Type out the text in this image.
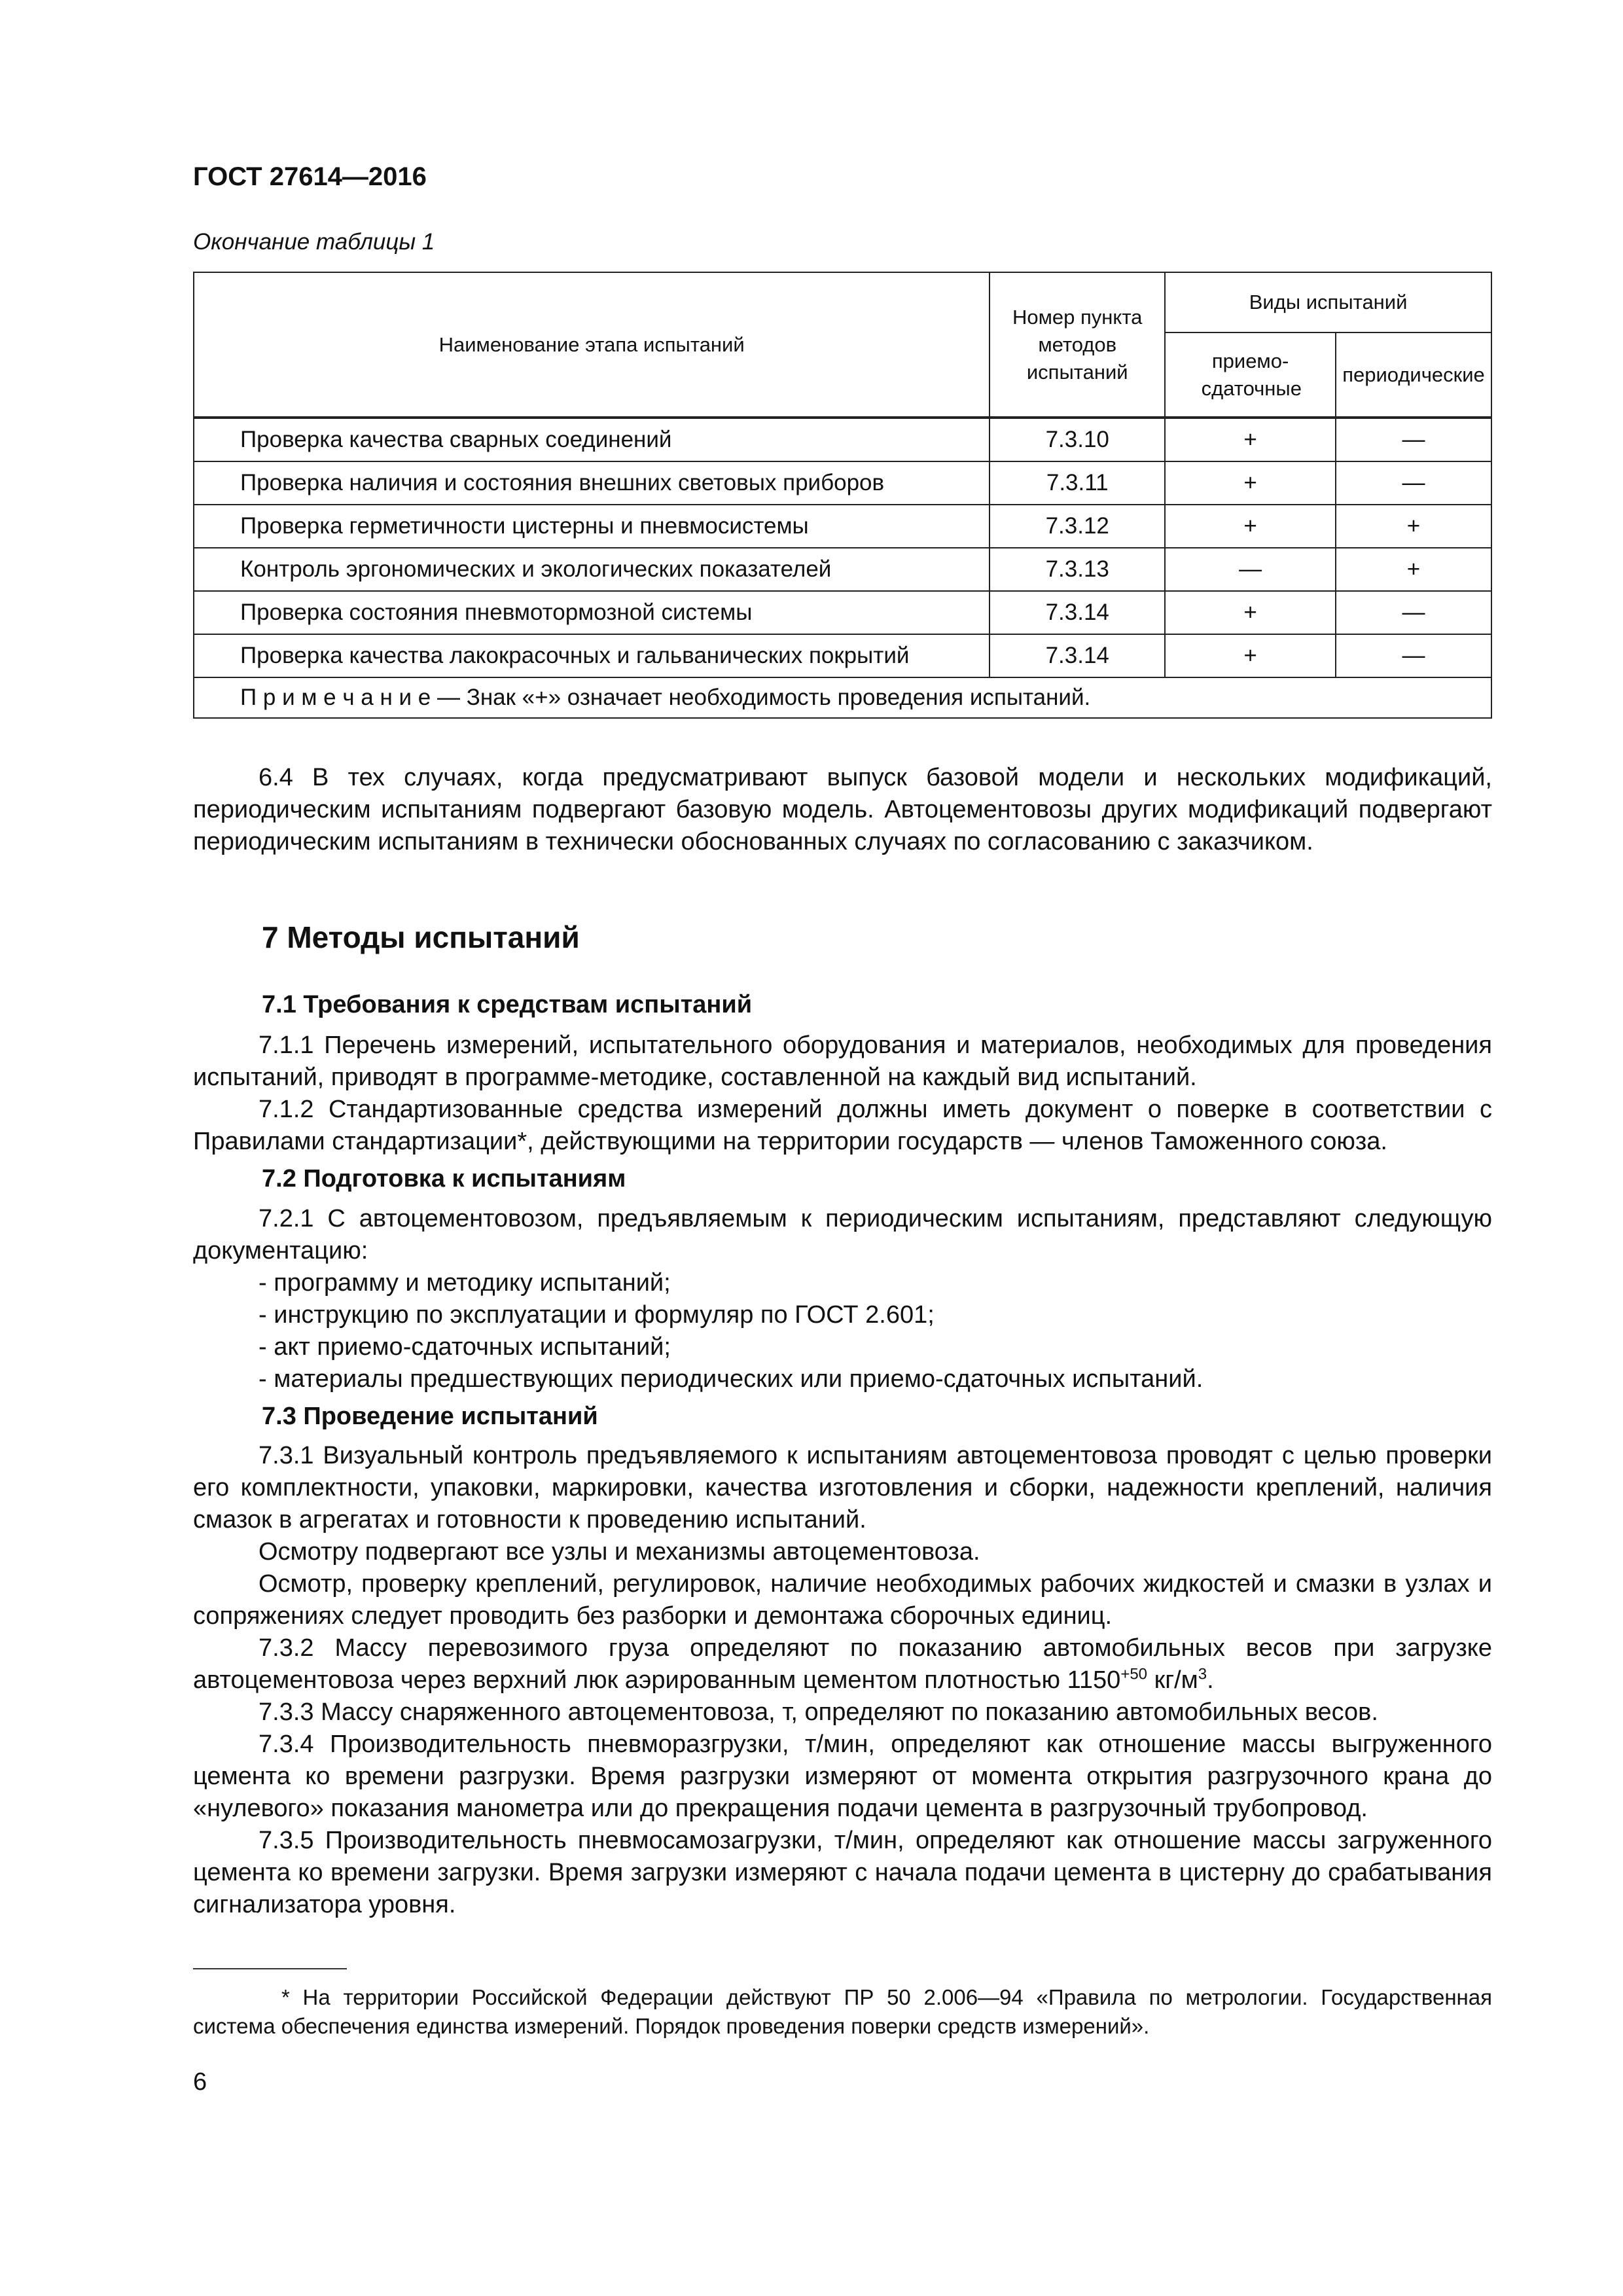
ГОСТ 27614—2016
Окончание таблицы 1
Наименование этапа испытаний	Номер пункта методов испытаний	Виды испытаний	
		приемо-сдаточные	периодические
Проверка качества сварных соединений	7.3.10	+	—
Проверка наличия и состояния внешних световых приборов	7.3.11	+	—
Проверка герметичности цистерны и пневмосистемы	7.3.12	+	+
Контроль эргономических и экологических показателей	7.3.13	—	+
Проверка состояния пневмотормозной системы	7.3.14	+	—
Проверка качества лакокрасочных и гальванических покрытий	7.3.14	+	—
П р и м е ч а н и е — Знак «+» означает необходимость проведения испытаний.			

6.4 В тех случаях, когда предусматривают выпуск базовой модели и нескольких модификаций, периодическим испытаниям подвергают базовую модель. Автоцементовозы других модификаций подвергают периодическим испытаниям в технически обоснованных случаях по согласованию с заказчиком.

7 Методы испытаний
7.1 Требования к средствам испытаний

7.1.1 Перечень измерений, испытательного оборудования и материалов, необходимых для проведения испытаний, приводят в программе-методике, составленной на каждый вид испытаний.

7.1.2 Стандартизованные средства измерений должны иметь документ о поверке в соответствии с Правилами стандартизации*, действующими на территории государств — членов Таможенного союза.

7.2 Подготовка к испытаниям

7.2.1 С автоцементовозом, предъявляемым к периодическим испытаниям, представляют следующую документацию:

- программу и методику испытаний;

- инструкцию по эксплуатации и формуляр по ГОСТ 2.601;

- акт приемо-сдаточных испытаний;

- материалы предшествующих периодических или приемо-сдаточных испытаний.

7.3 Проведение испытаний

7.3.1 Визуальный контроль предъявляемого к испытаниям автоцементовоза проводят с целью проверки его комплектности, упаковки, маркировки, качества изготовления и сборки, надежности креплений, наличия смазок в агрегатах и готовности к проведению испытаний.

Осмотру подвергают все узлы и механизмы автоцементовоза.

Осмотр, проверку креплений, регулировок, наличие необходимых рабочих жидкостей и смазки в узлах и сопряжениях следует проводить без разборки и демонтажа сборочных единиц.

7.3.2 Массу перевозимого груза определяют по показанию автомобильных весов при загрузке автоцементовоза через верхний люк аэрированным цементом плотностью $1150^{+50}$ $кг/м^3$.

7.3.3 Массу снаряженного автоцементовоза, т, определяют по показанию автомобильных весов.

7.3.4 Производительность пневморазгрузки, т/мин, определяют как отношение массы выгруженного цемента ко времени разгрузки. Время разгрузки измеряют от момента открытия разгрузочного крана до «нулевого» показания манометра или до прекращения подачи цемента в разгрузочный трубопровод.

7.3.5 Производительность пневмосамозагрузки, т/мин, определяют как отношение массы загруженного цемента ко времени загрузки. Время загрузки измеряют с начала подачи цемента в цистерну до срабатывания сигнализатора уровня.

* На территории Российской Федерации действуют ПР 50 2.006—94 «Правила по метрологии. Государственная система обеспечения единства измерений. Порядок проведения поверки средств измерений».
6
